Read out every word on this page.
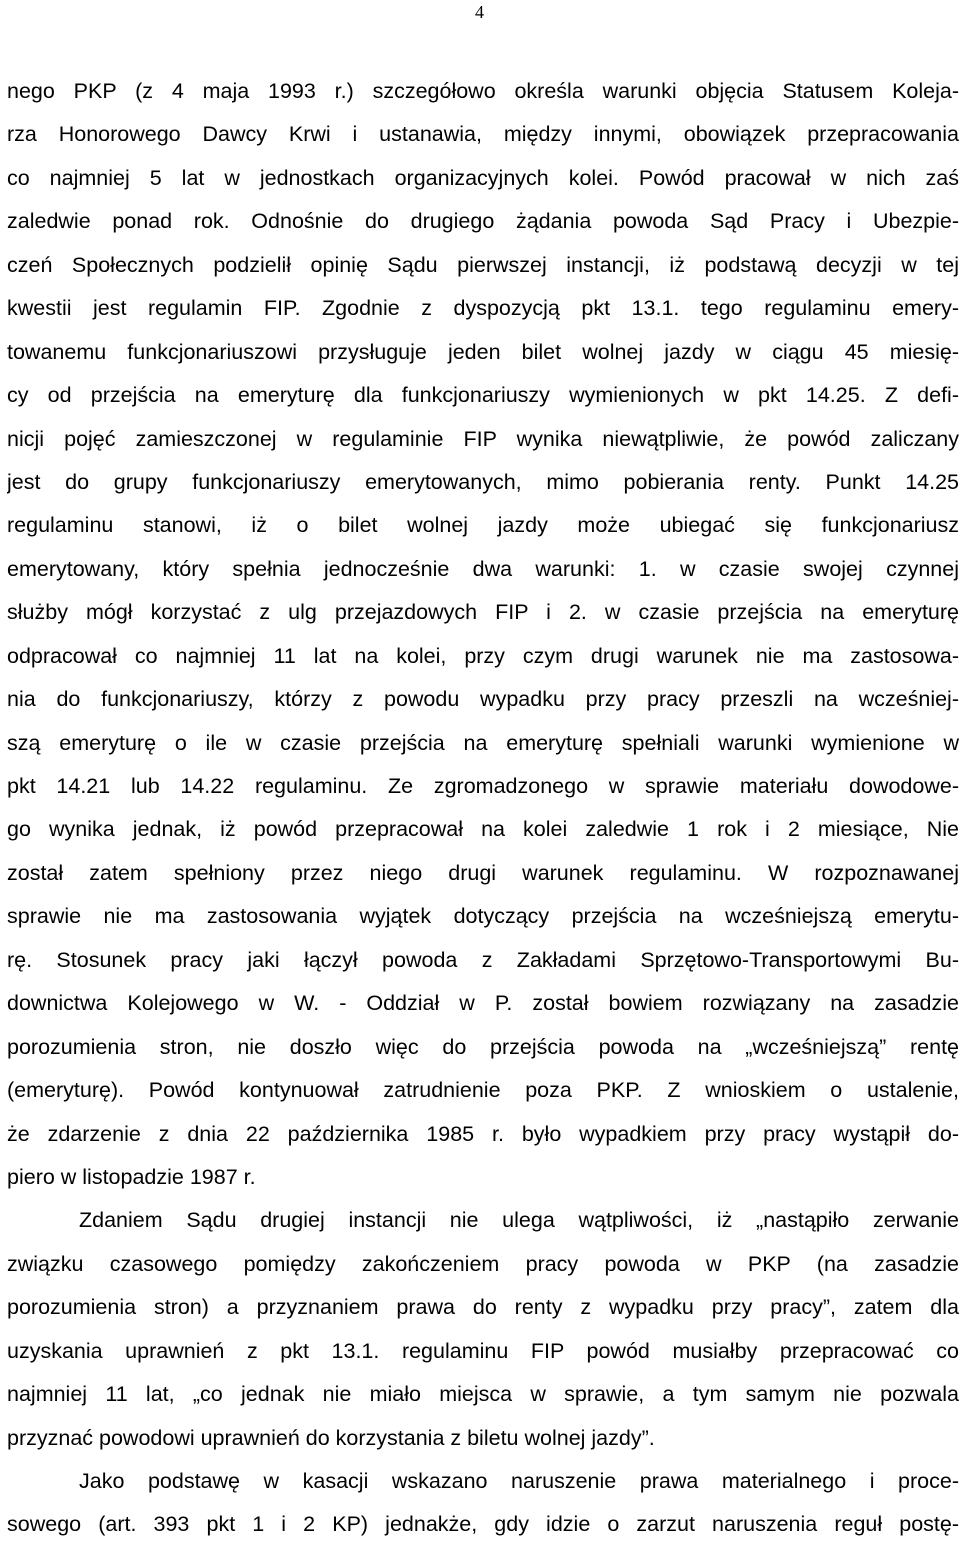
4
nego PKP (z 4 maja 1993 r.) szczegółowo określa warunki objęcia Statusem Koleja-
rza Honorowego Dawcy Krwi i ustanawia, między innymi, obowiązek przepracowania
co najmniej 5 lat w jednostkach organizacyjnych kolei. Powód pracował w nich zaś
zaledwie ponad rok. Odnośnie do drugiego żądania powoda Sąd Pracy i Ubezpie-
czeń Społecznych podzielił opinię Sądu pierwszej instancji, iż podstawą decyzji w tej
kwestii jest regulamin FIP. Zgodnie z dyspozycją pkt 13.1. tego regulaminu emery-
towanemu funkcjonariuszowi przysługuje jeden bilet wolnej jazdy w ciągu 45 miesię-
cy od przejścia na emeryturę dla funkcjonariuszy wymienionych w pkt 14.25. Z defi-
nicji pojęć zamieszczonej w regulaminie FIP wynika niewątpliwie, że powód zaliczany
jest do grupy funkcjonariuszy emerytowanych, mimo pobierania renty. Punkt 14.25
regulaminu stanowi, iż o bilet wolnej jazdy może ubiegać się funkcjonariusz
emerytowany, który spełnia jednocześnie dwa warunki: 1. w czasie swojej czynnej
służby mógł korzystać z ulg przejazdowych FIP i 2. w czasie przejścia na emeryturę
odpracował co najmniej 11 lat na kolei, przy czym drugi warunek nie ma zastosowa-
nia do funkcjonariuszy, którzy z powodu wypadku przy pracy przeszli na wcześniej-
szą emeryturę o ile w czasie przejścia na emeryturę spełniali warunki wymienione w
pkt 14.21 lub 14.22 regulaminu. Ze zgromadzonego w sprawie materiału dowodowe-
go wynika jednak, iż powód przepracował na kolei zaledwie 1 rok i 2 miesiące, Nie
został zatem spełniony przez niego drugi warunek regulaminu. W rozpoznawanej
sprawie nie ma zastosowania wyjątek dotyczący przejścia na wcześniejszą emerytu-
rę. Stosunek pracy jaki łączył powoda z Zakładami Sprzętowo-Transportowymi Bu-
downictwa Kolejowego w W. - Oddział w P. został bowiem rozwiązany na zasadzie
porozumienia stron, nie doszło więc do przejścia powoda na „wcześniejszą” rentę
(emeryturę). Powód kontynuował zatrudnienie poza PKP. Z wnioskiem o ustalenie,
że zdarzenie z dnia 22 października 1985 r. było wypadkiem przy pracy wystąpił do-
piero w listopadzie 1987 r.
Zdaniem Sądu drugiej instancji nie ulega wątpliwości, iż „nastąpiło zerwanie
związku czasowego pomiędzy zakończeniem pracy powoda w PKP (na zasadzie
porozumienia stron) a przyznaniem prawa do renty z wypadku przy pracy”, zatem dla
uzyskania uprawnień z pkt 13.1. regulaminu FIP powód musiałby przepracować co
najmniej 11 lat, „co jednak nie miało miejsca w sprawie, a tym samym nie pozwala
przyznać powodowi uprawnień do korzystania z biletu wolnej jazdy”.
Jako podstawę w kasacji wskazano naruszenie prawa materialnego i proce-
sowego (art. 393 pkt 1 i 2 KP) jednakże, gdy idzie o zarzut naruszenia reguł postę-
